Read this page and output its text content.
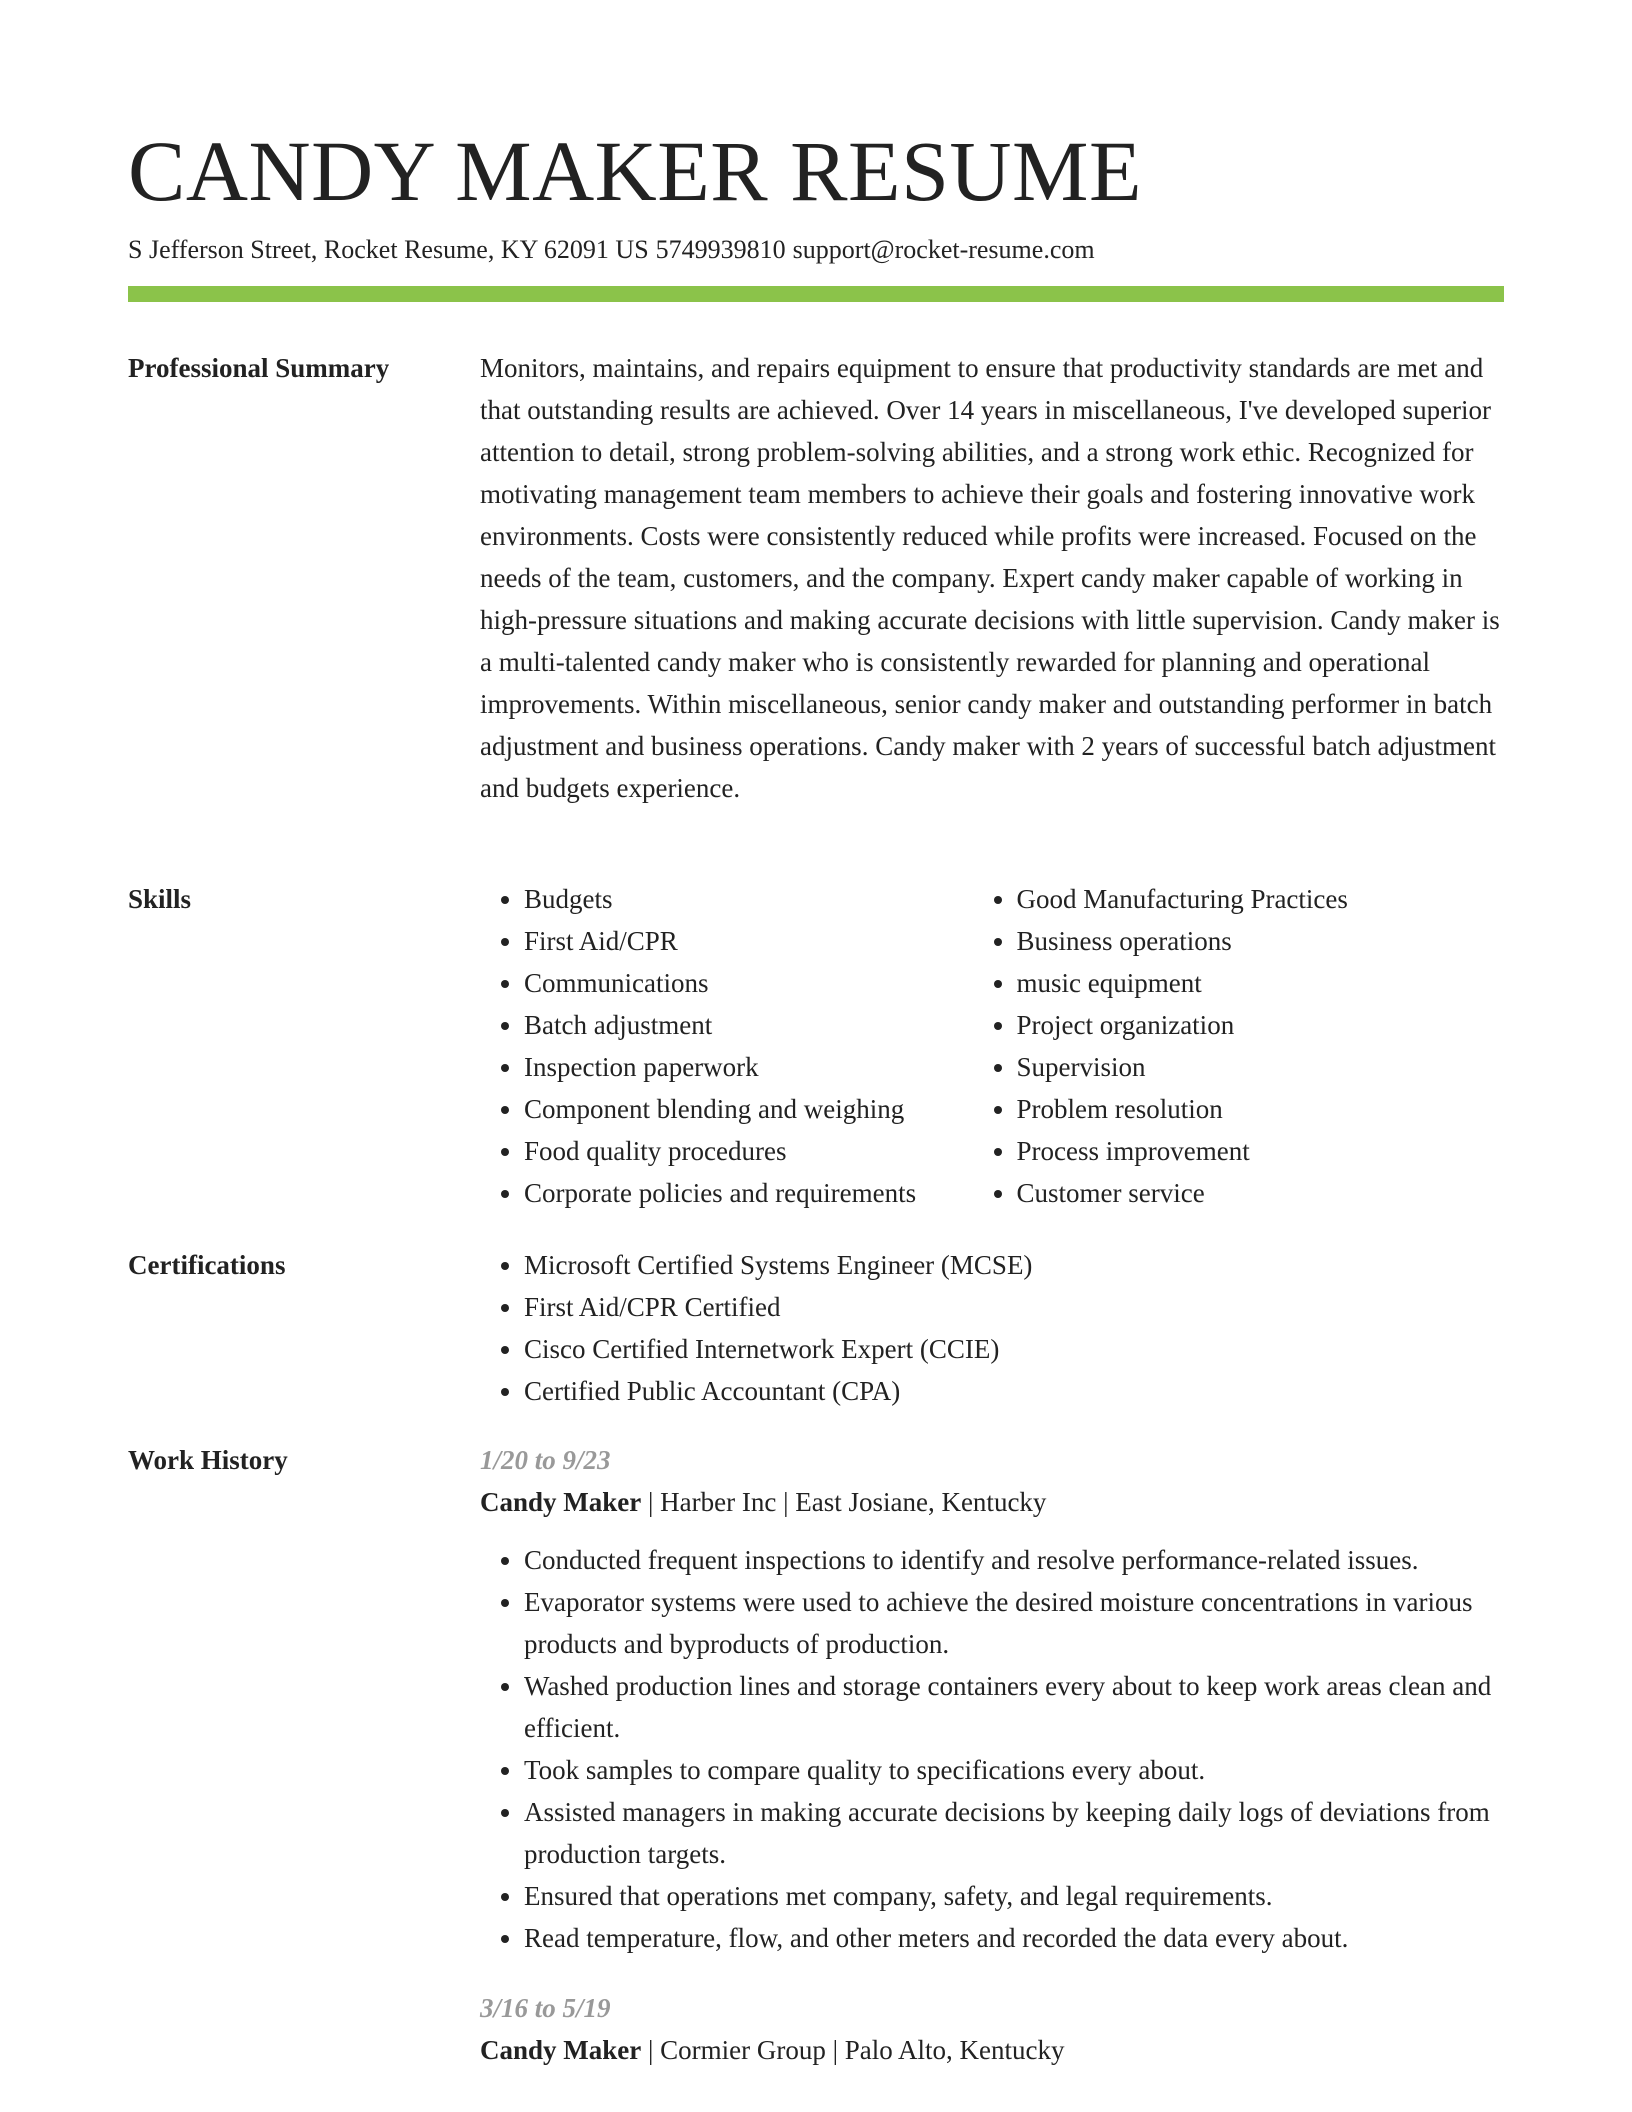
CANDY MAKER RESUME
S Jefferson Street, Rocket Resume, KY 62091 US 5749939810 support@rocket-resume.com
Professional Summary	Monitors, maintains, and repairs equipment to ensure that productivity standards are met and that outstanding results are achieved. Over 14 years in miscellaneous, I've developed superior attention to detail, strong problem-solving abilities, and a strong work ethic. Recognized for motivating management team members to achieve their goals and fostering innovative work environments. Costs were consistently reduced while profits were increased. Focused on the needs of the team, customers, and the company. Expert candy maker capable of working in high-pressure situations and making accurate decisions with little supervision. Candy maker is a multi-talented candy maker who is consistently rewarded for planning and operational improvements. Within miscellaneous, senior candy maker and outstanding performer in batch adjustment and business operations. Candy maker with 2 years of successful batch adjustment and budgets experience.

Skills	• Budgets
• First Aid/CPR
• Communications
• Batch adjustment
• Inspection paperwork
• Component blending and weighing
• Food quality procedures
• Corporate policies and requirements
• Good Manufacturing Practices
• Business operations
• music equipment
• Project organization
• Supervision
• Problem resolution
• Process improvement
• Customer service
Certifications	• Microsoft Certified Systems Engineer (MCSE)
• First Aid/CPR Certified
• Cisco Certified Internetwork Expert (CCIE)
• Certified Public Accountant (CPA)
Work History	1/20 to 9/23
Candy Maker | Harber Inc | East Josiane, Kentucky
• Conducted frequent inspections to identify and resolve performance-related issues.
• Evaporator systems were used to achieve the desired moisture concentrations in various products and byproducts of production.
• Washed production lines and storage containers every about to keep work areas clean and efficient.
• Took samples to compare quality to specifications every about.
• Assisted managers in making accurate decisions by keeping daily logs of deviations from production targets.
• Ensured that operations met company, safety, and legal requirements.
• Read temperature, flow, and other meters and recorded the data every about.
3/16 to 5/19
Candy Maker | Cormier Group | Palo Alto, Kentucky
